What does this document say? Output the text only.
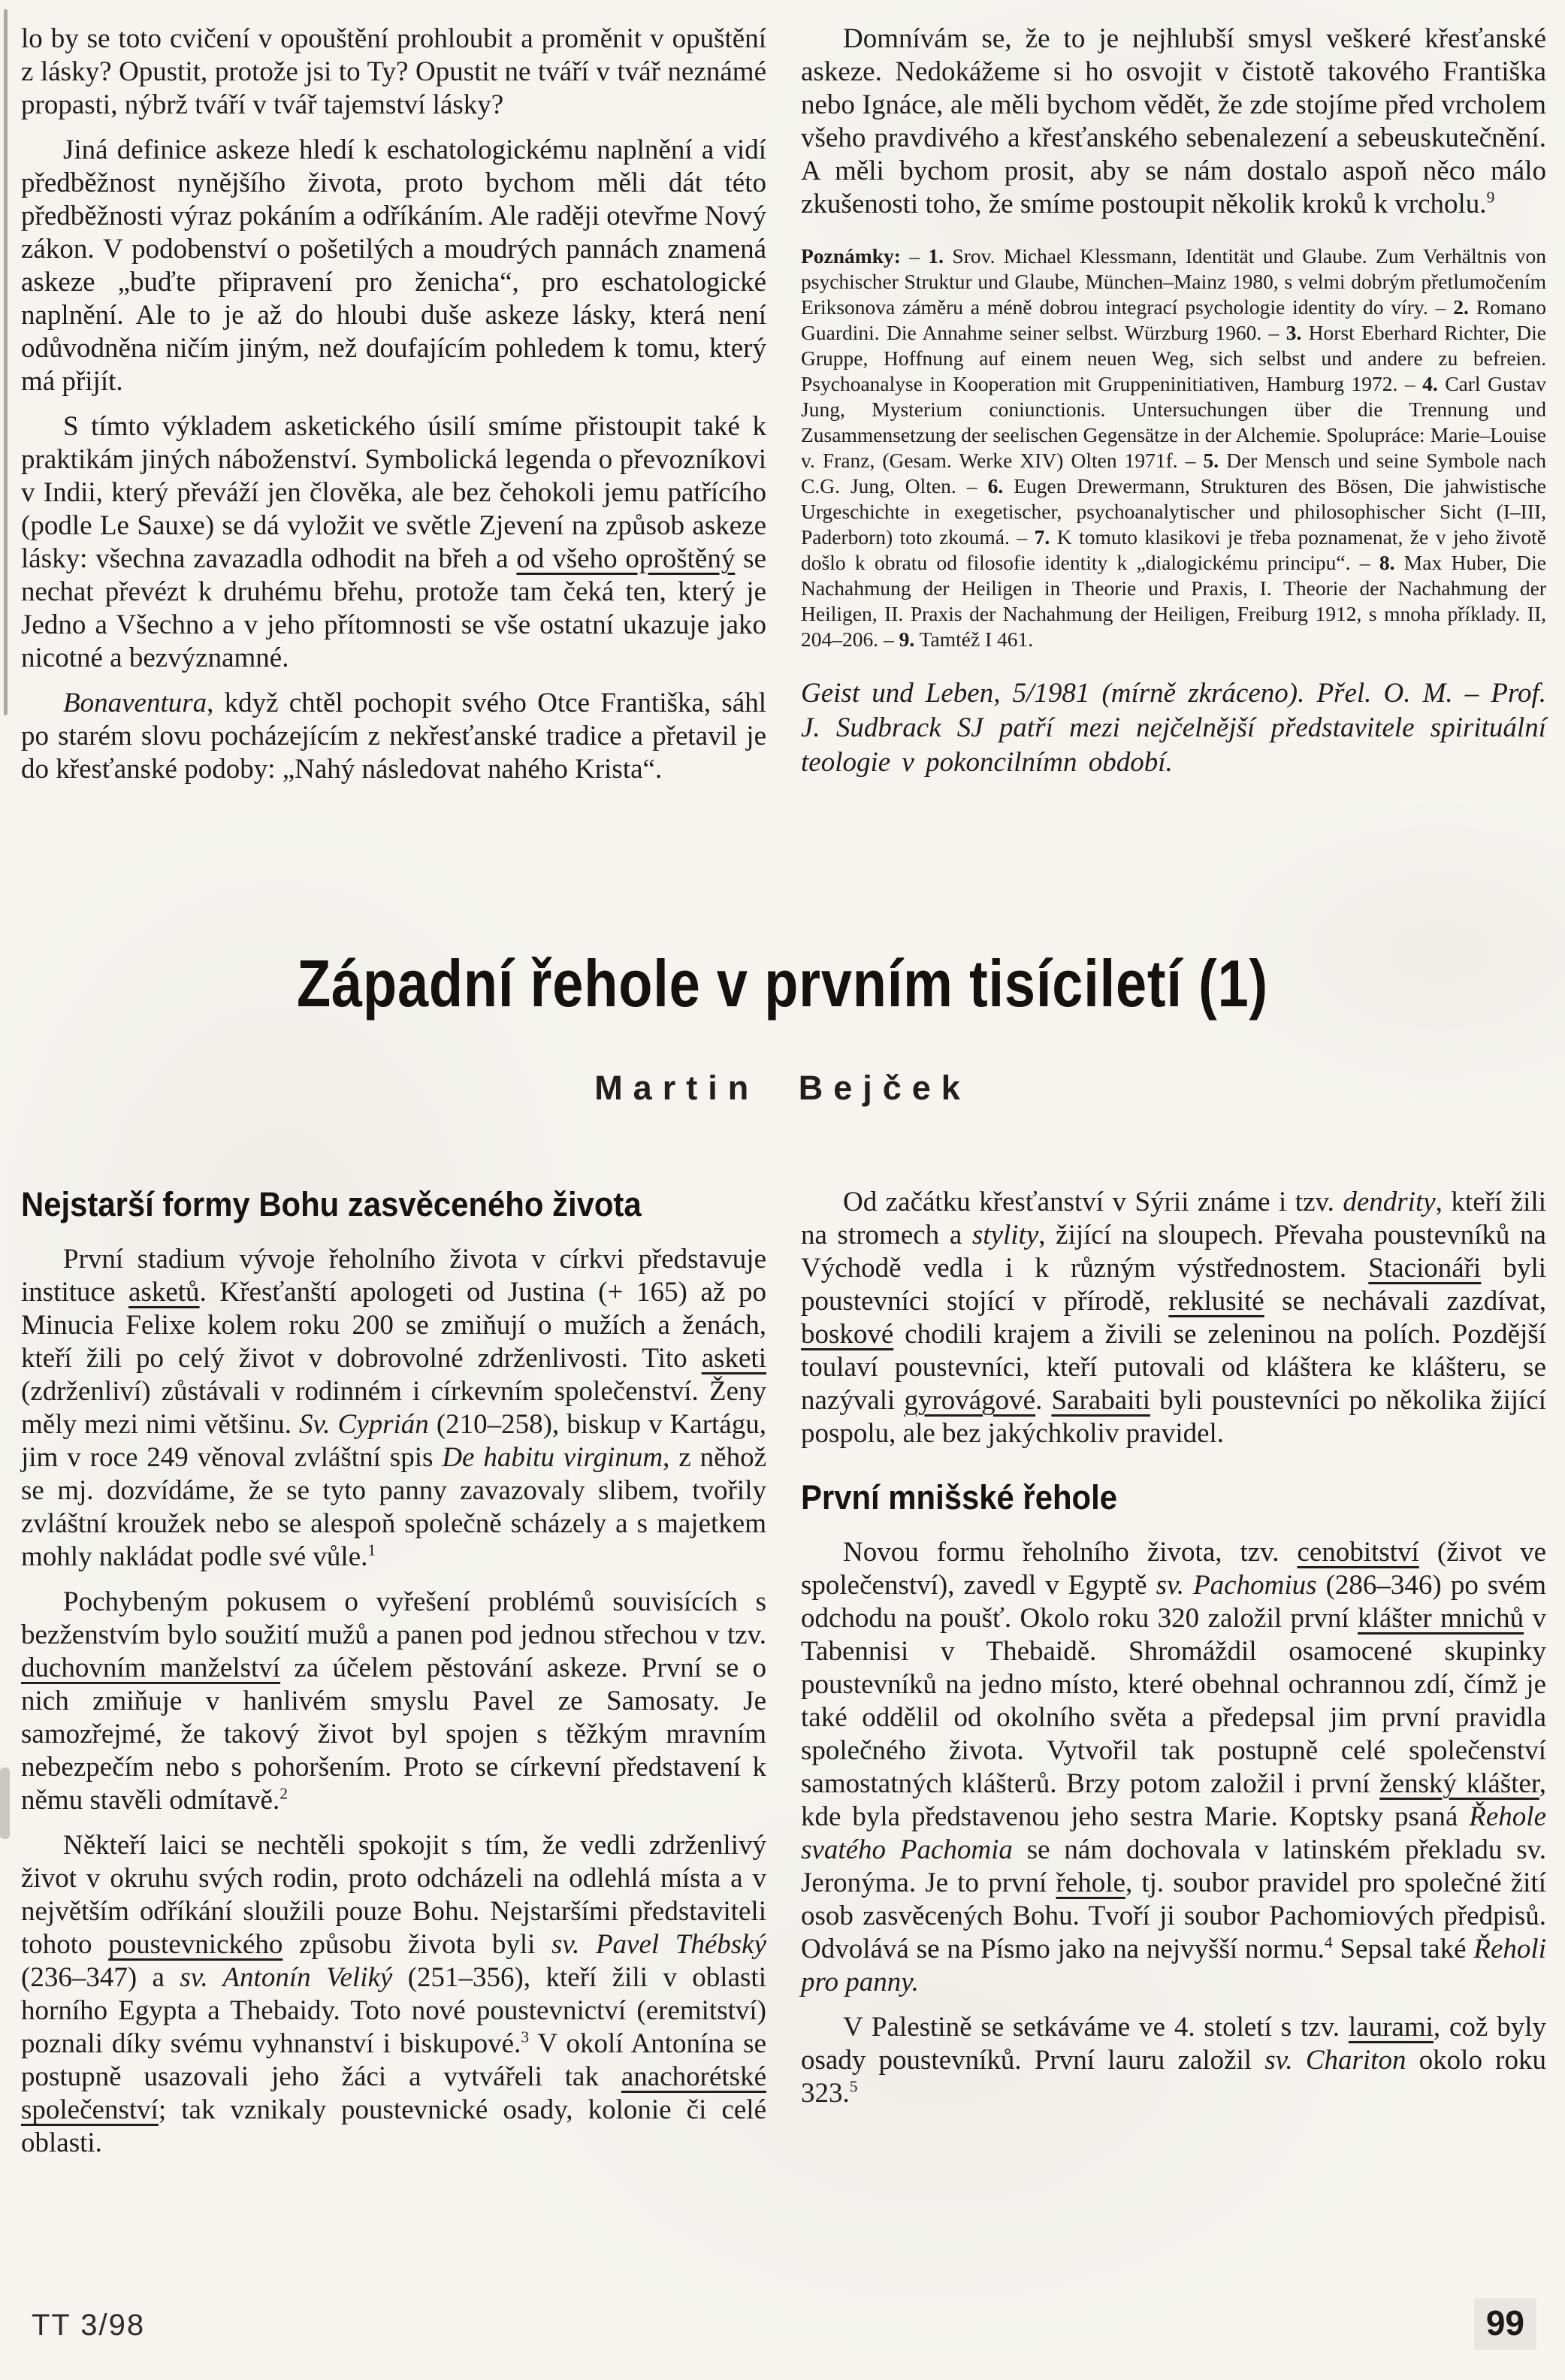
lo by se toto cvičení v opouštění prohloubit a proměnit v opuštění z lásky? Opustit, protože jsi to Ty? Opustit ne tváří v tvář neznámé propasti, nýbrž tváří v tvář tajemství lásky?

Jiná definice askeze hledí k eschatologickému naplnění a vidí předběžnost nynějšího života, proto bychom měli dát této předběžnosti výraz pokáním a odříkáním. Ale raději otevřme Nový zákon. V podobenství o pošetilých a moudrých pannách znamená askeze „buďte připravení pro ženicha“, pro eschatologické naplnění. Ale to je až do hloubi duše askeze lásky, která není odůvodněna ničím jiným, než doufajícím pohledem k tomu, který má přijít.

S tímto výkladem asketického úsilí smíme přistoupit také k praktikám jiných náboženství. Symbolická legenda o převozníkovi v Indii, který převáží jen člověka, ale bez čehokoli jemu patřícího (podle Le Sauxe) se dá vyložit ve světle Zjevení na způsob askeze lásky: všechna zavazadla odhodit na břeh a od všeho oproštěný se nechat převézt k druhému břehu, protože tam čeká ten, který je Jedno a Všechno a v jeho přítomnosti se vše ostatní ukazuje jako nicotné a bezvýznamné.

Bonaventura, když chtěl pochopit svého Otce Františka, sáhl po starém slovu pocházejícím z nekřesťanské tradice a přetavil je do křesťanské podoby: „Nahý následovat nahého Krista“.

Domnívám se, že to je nejhlubší smysl veškeré křesťanské askeze. Nedokážeme si ho osvojit v čistotě takového Františka nebo Ignáce, ale měli bychom vědět, že zde stojíme před vrcholem všeho pravdivého a křesťanského sebenalezení a sebeuskutečnění. A měli bychom prosit, aby se nám dostalo aspoň něco málo zkušenosti toho, že smíme postoupit několik kroků k vrcholu.$^9$

Poznámky: – 1. Srov. Michael Klessmann, Identität und Glaube. Zum Verhältnis von psychischer Struktur und Glaube, München–Mainz 1980, s velmi dobrým přetlumočením Eriksonova záměru a méně dobrou integrací psychologie identity do víry. – 2. Romano Guardini. Die Annahme seiner selbst. Würzburg 1960. – 3. Horst Eberhard Richter, Die Gruppe, Hoffnung auf einem neuen Weg, sich selbst und andere zu befreien. Psychoanalyse in Kooperation mit Gruppeninitiativen, Hamburg 1972. – 4. Carl Gustav Jung, Mysterium coniunctionis. Untersuchungen über die Trennung und Zusammensetzung der seelischen Gegensätze in der Alchemie. Spolupráce: Marie–Louise v. Franz, (Gesam. Werke XIV) Olten 1971f. – 5. Der Mensch und seine Symbole nach C.G. Jung, Olten. – 6. Eugen Drewermann, Strukturen des Bösen, Die jahwistische Urgeschichte in exegetischer, psychoanalytischer und philosophischer Sicht (I–III, Paderborn) toto zkoumá. – 7. K tomuto klasikovi je třeba poznamenat, že v jeho životě došlo k obratu od filosofie identity k „dialogickému principu“. – 8. Max Huber, Die Nachahmung der Heiligen in Theorie und Praxis, I. Theorie der Nachahmung der Heiligen, II. Praxis der Nachahmung der Heiligen, Freiburg 1912, s mnoha příklady. II, 204–206. – 9. Tamtéž I 461.

Geist und Leben, 5/1981 (mírně zkráceno). Přel. O. M. – Prof. J. Sudbrack SJ patří mezi nejčelnější představitele spirituální teologie v pokoncilnímn období.

Západní řehole v prvním tisíciletí (1)
Martin Bejček
Nejstarší formy Bohu zasvěceného života

První stadium vývoje řeholního života v církvi představuje instituce asketů. Křesťanští apologeti od Justina (+ 165) až po Minucia Felixe kolem roku 200 se zmiňují o mužích a ženách, kteří žili po celý život v dobrovolné zdrženlivosti. Tito asketi (zdrženliví) zůstávali v rodinném i církevním společenství. Ženy měly mezi nimi většinu. Sv. Cyprián (210–258), biskup v Kartágu, jim v roce 249 věnoval zvláštní spis De habitu virginum, z něhož se mj. dozvídáme, že se tyto panny zavazovaly slibem, tvořily zvláštní kroužek nebo se alespoň společně scházely a s majetkem mohly nakládat podle své vůle.$^1$

Pochybeným pokusem o vyřešení problémů souvisících s bezženstvím bylo soužití mužů a panen pod jednou střechou v tzv. duchovním manželství za účelem pěstování askeze. První se o nich zmiňuje v hanlivém smyslu Pavel ze Samosaty. Je samozřejmé, že takový život byl spojen s těžkým mravním nebezpečím nebo s pohoršením. Proto se církevní představení k němu stavěli odmítavě.$^2$

Někteří laici se nechtěli spokojit s tím, že vedli zdrženlivý život v okruhu svých rodin, proto odcházeli na odlehlá místa a v největším odříkání sloužili pouze Bohu. Nejstaršími představiteli tohoto poustevnického způsobu života byli sv. Pavel Thébský (236–347) a sv. Antonín Veliký (251–356), kteří žili v oblasti horního Egypta a Thebaidy. Toto nové poustevnictví (eremitství) poznali díky svému vyhnanství i biskupové.$^3$ V okolí Antonína se postupně usazovali jeho žáci a vytvářeli tak anachorétské společenství; tak vznikaly poustevnické osady, kolonie či celé oblasti.

Od začátku křesťanství v Sýrii známe i tzv. dendrity, kteří žili na stromech a stylity, žijící na sloupech. Převaha poustevníků na Východě vedla i k různým výstřednostem. Stacionáři byli poustevníci stojící v přírodě, reklusité se nechávali zazdívat, boskové chodili krajem a živili se zeleninou na polích. Pozdější toulaví poustevníci, kteří putovali od kláštera ke klášteru, se nazývali gyrovágové. Sarabaiti byli poustevníci po několika žijící pospolu, ale bez jakýchkoliv pravidel.

První mnišské řehole

Novou formu řeholního života, tzv. cenobitství (život ve společenství), zavedl v Egyptě sv. Pachomius (286–346) po svém odchodu na poušť. Okolo roku 320 založil první klášter mnichů v Tabennisi v Thebaidě. Shromáždil osamocené skupinky poustevníků na jedno místo, které obehnal ochrannou zdí, čímž je také oddělil od okolního světa a předepsal jim první pravidla společného života. Vytvořil tak postupně celé společenství samostatných klášterů. Brzy potom založil i první ženský klášter, kde byla představenou jeho sestra Marie. Koptsky psaná Řehole svatého Pachomia se nám dochovala v latinském překladu sv. Jeronýma. Je to první řehole, tj. soubor pravidel pro společné žití osob zasvěcených Bohu. Tvoří ji soubor Pachomiových předpisů. Odvolává se na Písmo jako na nejvyšší normu.$^4$ Sepsal také Řeholi pro panny.

V Palestině se setkáváme ve 4. století s tzv. laurami, což byly osady poustevníků. První lauru založil sv. Chariton okolo roku 323.$^5$

TT 3/98	99
